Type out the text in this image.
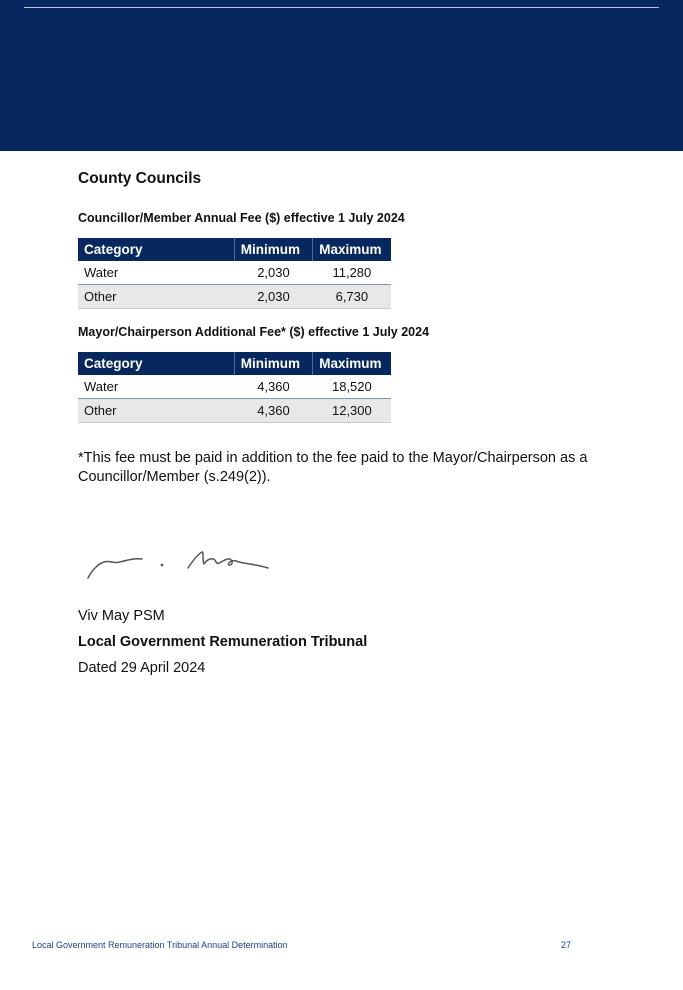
County Councils
Councillor/Member Annual Fee ($) effective 1 July 2024
Category	Minimum	Maximum
Water	2,030	11,280
Other	2,030	6,730
Mayor/Chairperson Additional Fee* ($) effective 1 July 2024
Category	Minimum	Maximum
Water	4,360	18,520
Other	4,360	12,300
*This fee must be paid in addition to the fee paid to the Mayor/Chairperson as a Councillor/Member (s.249(2)).
Viv May PSM
Local Government Remuneration Tribunal
Dated 29 April 2024
Local Government Remuneration Tribunal Annual Determination	27
